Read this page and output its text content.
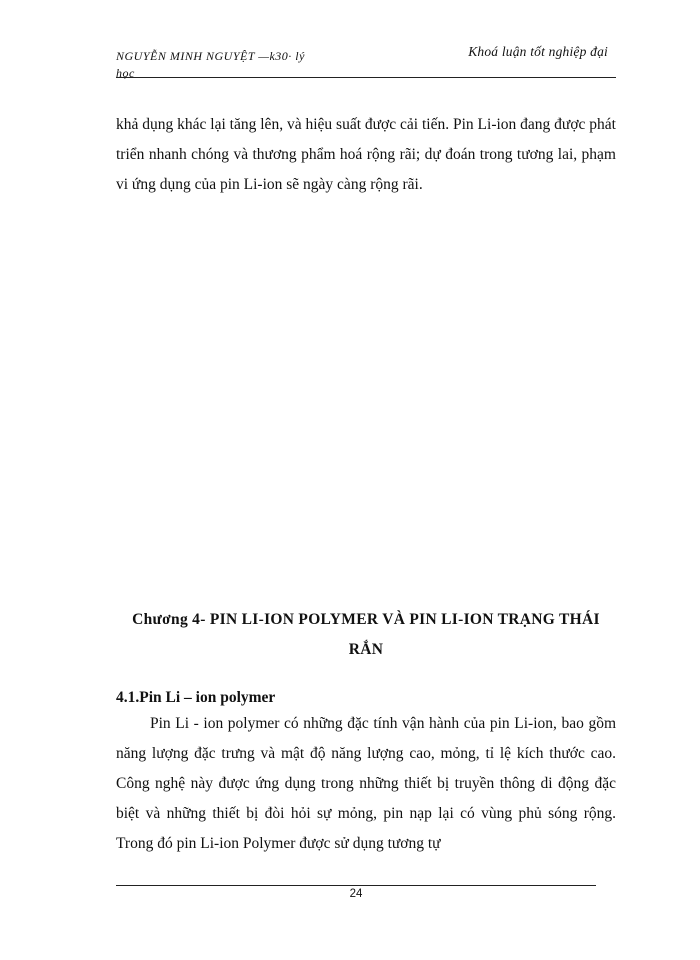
NGUYỄN MINH NGUYỆT —k30· lý
học
Khoá luận tốt nghiệp đại

khả dụng khác lại tăng lên, và hiệu suất được cải tiến. Pin Li-ion đang được phát triển nhanh chóng và thương phẩm hoá rộng rãi; dự đoán trong tương lai, phạm vi ứng dụng của pin Li-ion sẽ ngày càng rộng rãi.

Chương 4- PIN LI-ION POLYMER VÀ PIN LI-ION TRẠNG THÁI RẮN
4.1.Pin Li – ion polymer

Pin Li - ion polymer có những đặc tính vận hành của pin Li-ion, bao gồm năng lượng đặc trưng và mật độ năng lượng cao, mỏng, tỉ lệ kích thước cao. Công nghệ này được ứng dụng trong những thiết bị truyền thông di động đặc biệt và những thiết bị đòi hỏi sự mỏng, pin nạp lại có vùng phủ sóng rộng. Trong đó pin Li-ion Polymer được sử dụng tương tự

24
